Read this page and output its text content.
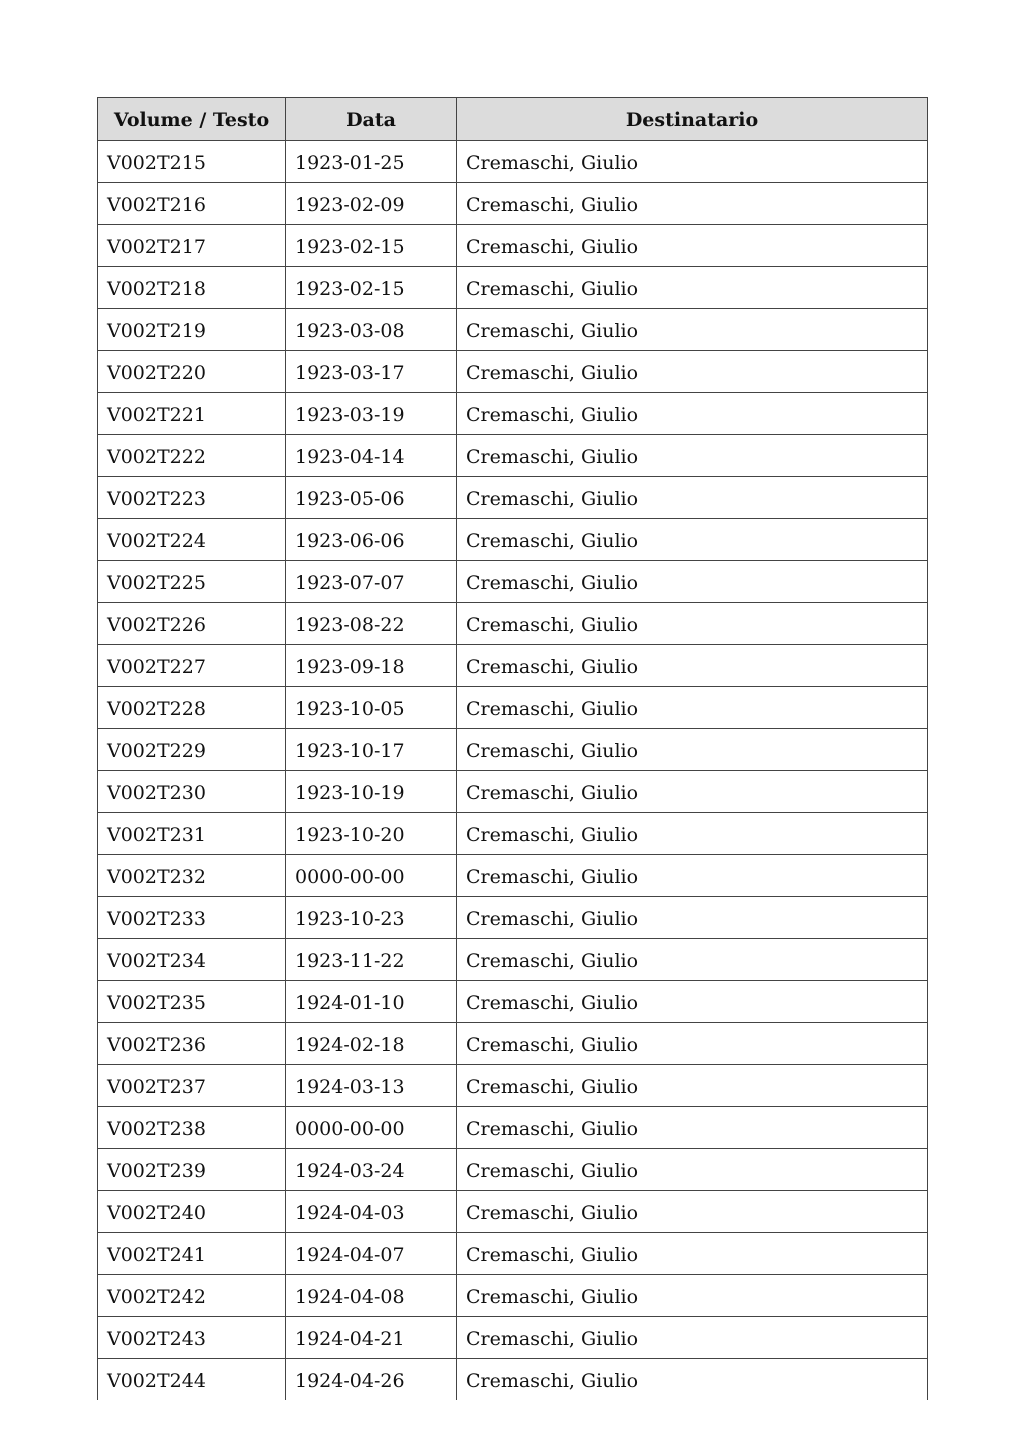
Volume / Testo	Data	Destinatario
V002T215	1923-01-25	Cremaschi, Giulio
V002T216	1923-02-09	Cremaschi, Giulio
V002T217	1923-02-15	Cremaschi, Giulio
V002T218	1923-02-15	Cremaschi, Giulio
V002T219	1923-03-08	Cremaschi, Giulio
V002T220	1923-03-17	Cremaschi, Giulio
V002T221	1923-03-19	Cremaschi, Giulio
V002T222	1923-04-14	Cremaschi, Giulio
V002T223	1923-05-06	Cremaschi, Giulio
V002T224	1923-06-06	Cremaschi, Giulio
V002T225	1923-07-07	Cremaschi, Giulio
V002T226	1923-08-22	Cremaschi, Giulio
V002T227	1923-09-18	Cremaschi, Giulio
V002T228	1923-10-05	Cremaschi, Giulio
V002T229	1923-10-17	Cremaschi, Giulio
V002T230	1923-10-19	Cremaschi, Giulio
V002T231	1923-10-20	Cremaschi, Giulio
V002T232	0000-00-00	Cremaschi, Giulio
V002T233	1923-10-23	Cremaschi, Giulio
V002T234	1923-11-22	Cremaschi, Giulio
V002T235	1924-01-10	Cremaschi, Giulio
V002T236	1924-02-18	Cremaschi, Giulio
V002T237	1924-03-13	Cremaschi, Giulio
V002T238	0000-00-00	Cremaschi, Giulio
V002T239	1924-03-24	Cremaschi, Giulio
V002T240	1924-04-03	Cremaschi, Giulio
V002T241	1924-04-07	Cremaschi, Giulio
V002T242	1924-04-08	Cremaschi, Giulio
V002T243	1924-04-21	Cremaschi, Giulio
V002T244	1924-04-26	Cremaschi, Giulio
